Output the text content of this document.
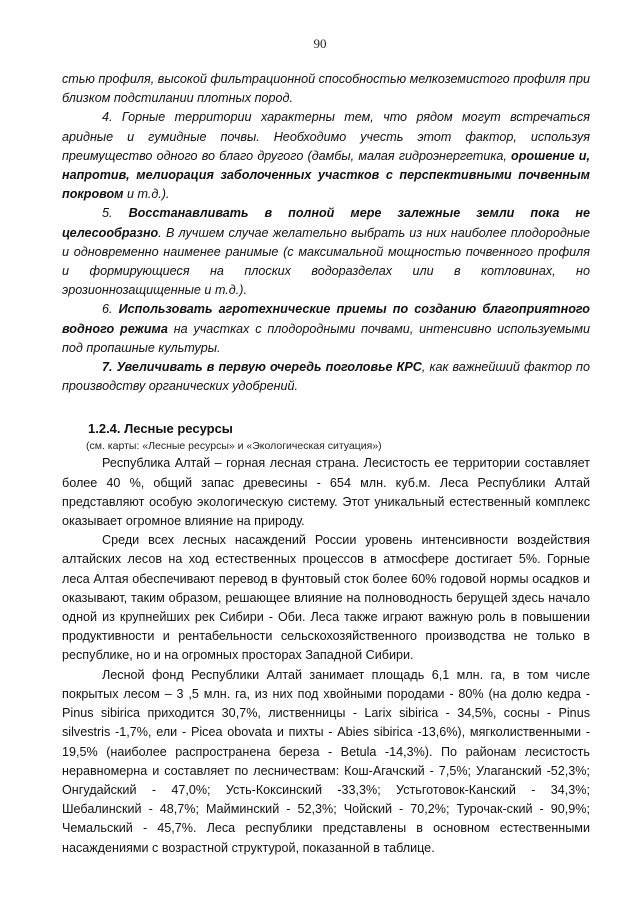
90

стью профиля, высокой фильтрационной способностью мелкоземистого профиля при близком подстилании плотных пород.

4. Горные территории характерны тем, что рядом могут встречаться аридные и гумидные почвы. Необходимо учесть этот фактор, используя преимущество одного во благо другого (дамбы, малая гидроэнергетика, орошение и, напротив, мелиорация заболоченных участков с перспективными почвенным покровом и т.д.).

5. Восстанавливать в полной мере залежные земли пока не целесообразно. В лучшем случае желательно выбрать из них наиболее плодородные и одновременно наименее ранимые (с максимальной мощностью почвенного профиля и формирующиеся на плоских водоразделах или в котловинах, но эрозионнозащищенные и т.д.).

6. Использовать агротехнические приемы по созданию благоприятного водного режима на участках с плодородными почвами, интенсивно используемыми под пропашные культуры.

7. Увеличивать в первую очередь поголовье КРС, как важнейший фактор по производству органических удобрений.

1.2.4. Лесные ресурсы
(см. карты: «Лесные ресурсы» и «Экологическая ситуация»)

Республика Алтай – горная лесная страна. Лесистость ее территории составляет более 40 %, общий запас древесины - 654 млн. куб.м. Леса Республики Алтай представляют особую экологическую систему. Этот уникальный естественный комплекс оказывает огромное влияние на природу.

Среди всех лесных насаждений России уровень интенсивности воздействия алтайских лесов на ход естественных процессов в атмосфере достигает 5%. Горные леса Алтая обеспечивают перевод в фунтовый сток более 60% годовой нормы осадков и оказывают, таким образом, решающее влияние на полноводность берущей здесь начало одной из крупнейших рек Сибири - Оби. Леса также играют важную роль в повышении продуктивности и рентабельности сельскохозяйственного производства не только в республике, но и на огромных просторах Западной Сибири.

Лесной фонд Республики Алтай занимает площадь 6,1 млн. га, в том числе покрытых лесом – 3 ,5 млн. га, из них под хвойными породами - 80% (на долю кедра - Pinus sibirica приходится 30,7%, лиственницы - Larix sibirica - 34,5%, сосны - Pinus silvestris -1,7%, ели - Picea obovata и пихты - Abies sibirica -13,6%), мягколиственными - 19,5% (наиболее распространена береза - Betula -14,3%). По районам лесистость неравномерна и составляет по лесничествам: Кош-Агачский - 7,5%; Улаганский -52,3%; Онгудайский - 47,0%; Усть-Коксинский -33,3%; Устьготовок-Канский - 34,3%; Шебалинский - 48,7%; Майминский - 52,3%; Чойский - 70,2%; Турочак-ский - 90,9%; Чемальский - 45,7%. Леса республики представлены в основном естественными насаждениями с возрастной структурой, показанной в таблице.
